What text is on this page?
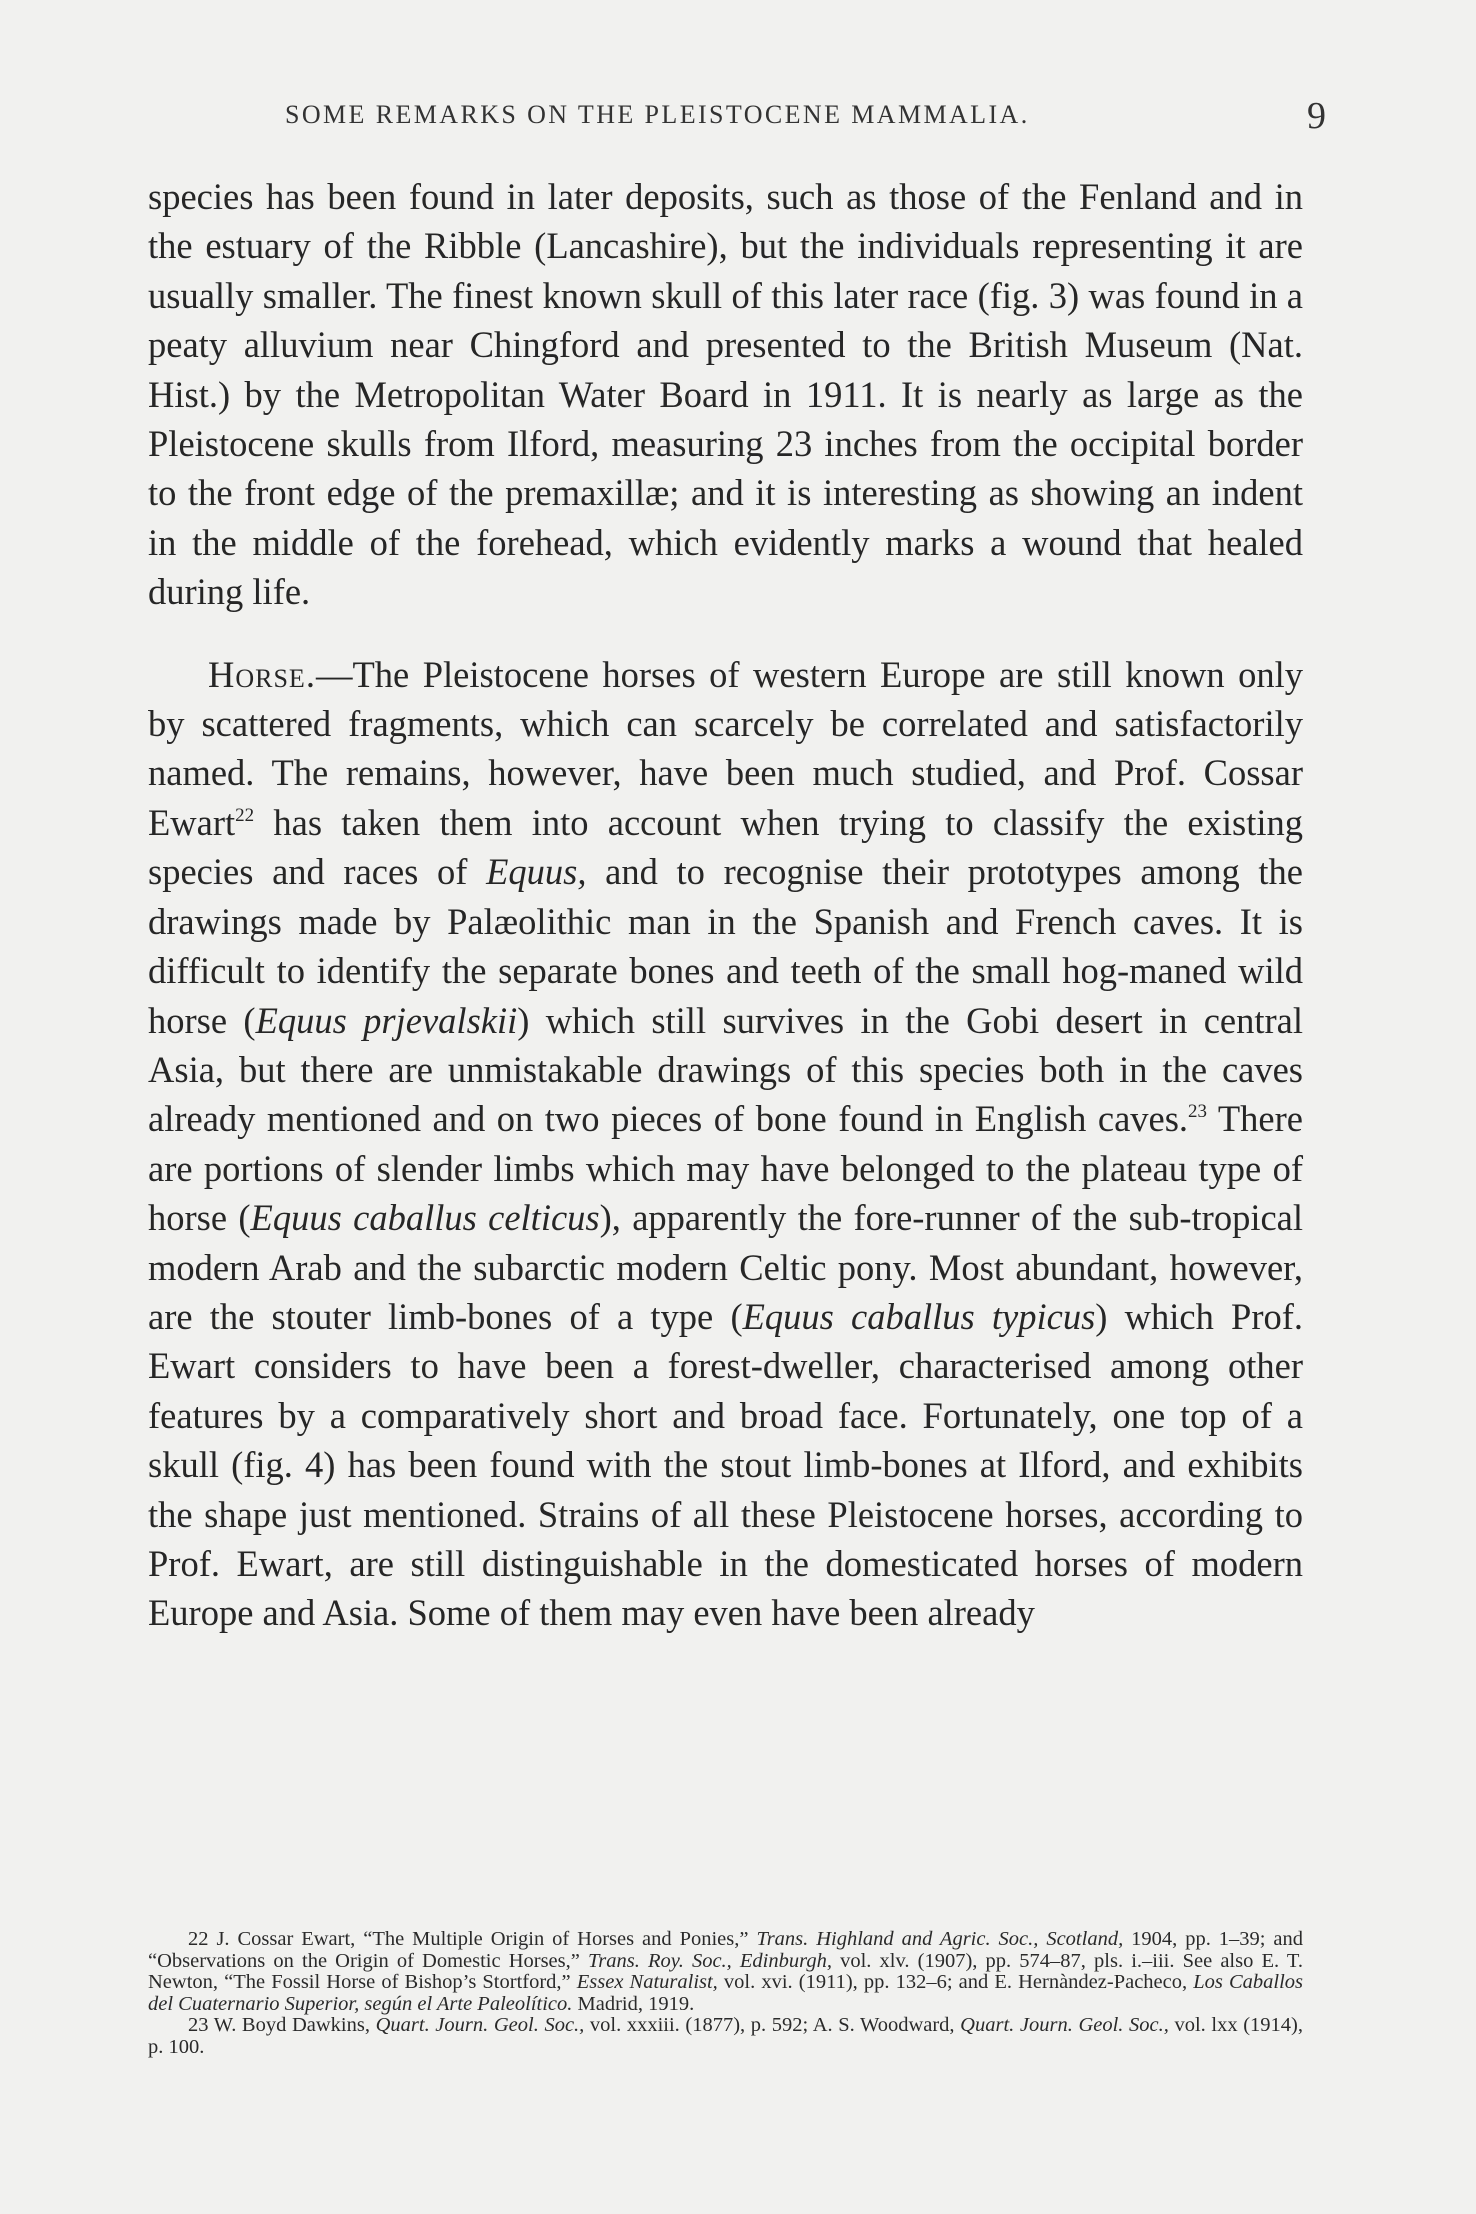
SOME REMARKS ON THE PLEISTOCENE MAMMALIA.	9

species has been found in later deposits, such as those of the Fenland and in the estuary of the Ribble (Lancashire), but the individuals representing it are usually smaller. The finest known skull of this later race (fig. 3) was found in a peaty alluvium near Chingford and presented to the British Museum (Nat. Hist.) by the Metropolitan Water Board in 1911. It is nearly as large as the Pleistocene skulls from Ilford, measuring 23 inches from the occipital border to the front edge of the premaxillæ; and it is interesting as showing an indent in the middle of the forehead, which evidently marks a wound that healed during life.

Horse.—The Pleistocene horses of western Europe are still known only by scattered fragments, which can scarcely be correlated and satisfactorily named. The remains, however, have been much studied, and Prof. Cossar Ewart$^{22}$ has taken them into account when trying to classify the existing species and races of Equus, and to recognise their prototypes among the drawings made by Palæolithic man in the Spanish and French caves. It is difficult to identify the separate bones and teeth of the small hog-maned wild horse (Equus prjevalskii) which still survives in the Gobi desert in central Asia, but there are unmistakable drawings of this species both in the caves already mentioned and on two pieces of bone found in English caves.$^{23}$ There are portions of slender limbs which may have belonged to the plateau type of horse (Equus caballus celticus), apparently the fore-runner of the sub-tropical modern Arab and the subarctic modern Celtic pony. Most abundant, however, are the stouter limb-bones of a type (Equus caballus typicus) which Prof. Ewart considers to have been a forest-dweller, characterised among other features by a comparatively short and broad face. Fortunately, one top of a skull (fig. 4) has been found with the stout limb-bones at Ilford, and exhibits the shape just mentioned. Strains of all these Pleistocene horses, according to Prof. Ewart, are still distinguishable in the domesticated horses of modern Europe and Asia. Some of them may even have been already

22 J. Cossar Ewart, “The Multiple Origin of Horses and Ponies,” Trans. Highland and Agric. Soc., Scotland, 1904, pp. 1–39; and “Observations on the Origin of Domestic Horses,” Trans. Roy. Soc., Edinburgh, vol. xlv. (1907), pp. 574–87, pls. i.–iii. See also E. T. Newton, “The Fossil Horse of Bishop’s Stortford,” Essex Naturalist, vol. xvi. (1911), pp. 132–6; and E. Hernàndez-Pacheco, Los Caballos del Cuaternario Superior, según el Arte Paleolítico. Madrid, 1919.

23 W. Boyd Dawkins, Quart. Journ. Geol. Soc., vol. xxxiii. (1877), p. 592; A. S. Woodward, Quart. Journ. Geol. Soc., vol. lxx (1914), p. 100.
